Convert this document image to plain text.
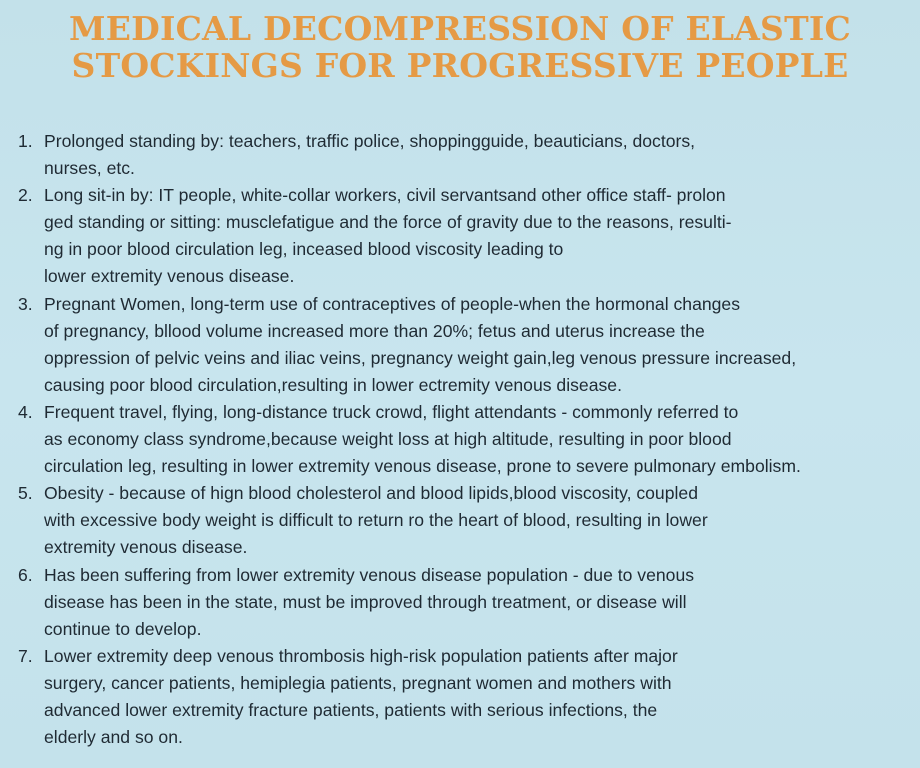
MEDICAL DECOMPRESSION OF ELASTIC
STOCKINGS FOR PROGRESSIVE PEOPLE
1. Prolonged standing by: teachers, traffic police, shoppingguide, beauticians, doctors,
nurses, etc.
2. Long sit-in by: IT people, white-collar workers, civil servantsand other office staff- prolon
ged standing or sitting: musclefatigue and the force of gravity due to the reasons, resulti-
ng in poor blood circulation leg, inceased blood viscosity leading to
lower extremity venous disease.
3. Pregnant Women, long-term use of contraceptives of people-when the hormonal changes
of pregnancy, bllood volume increased more than 20%; fetus and uterus increase the
oppression of pelvic veins and iliac veins, pregnancy weight gain,leg venous pressure increased,
causing poor blood circulation,resulting in lower ectremity venous disease.
4. Frequent travel, flying, long-distance truck crowd, flight attendants - commonly referred to
as economy class syndrome,because weight loss at high altitude, resulting in poor blood
circulation leg, resulting in lower extremity venous disease, prone to severe pulmonary embolism.
5. Obesity - because of hign blood cholesterol and blood lipids,blood viscosity, coupled
with excessive body weight is difficult to return ro the heart of blood, resulting in lower
extremity venous disease.
6. Has been suffering from lower extremity venous disease population - due to venous
disease has been in the state, must be improved through treatment, or disease will
continue to develop.
7. Lower extremity deep venous thrombosis high-risk population patients after major
surgery, cancer patients, hemiplegia patients, pregnant women and mothers with
advanced lower extremity fracture patients, patients with serious infections, the
elderly and so on.
